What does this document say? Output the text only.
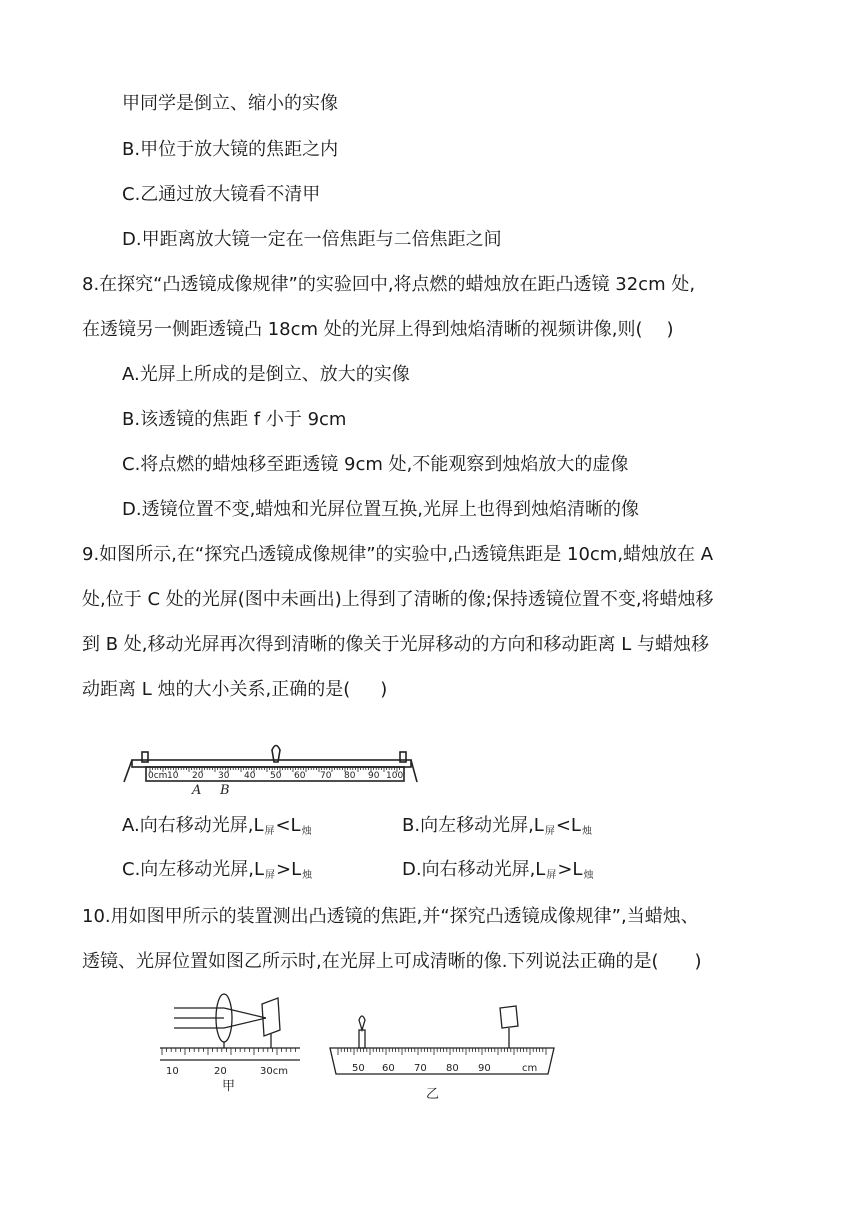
甲同学是倒立、缩小的实像
B.甲位于放大镜的焦距之内
C.乙通过放大镜看不清甲
D.甲距离放大镜一定在一倍焦距与二倍焦距之间
8.在探究“凸透镜成像规律”的实验回中,将点燃的蜡烛放在距凸透镜 32cm 处,
在透镜另一侧距透镜凸 18cm 处的光屏上得到烛焰清晰的视频讲像,则( )
A.光屏上所成的是倒立、放大的实像
B.该透镜的焦距 f 小于 9cm
C.将点燃的蜡烛移至距透镜 9cm 处,不能观察到烛焰放大的虚像
D.透镜位置不变,蜡烛和光屏位置互换,光屏上也得到烛焰清晰的像
9.如图所示,在“探究凸透镜成像规律”的实验中,凸透镜焦距是 10cm,蜡烛放在 A
处,位于 C 处的光屏(图中未画出)上得到了清晰的像;保持透镜位置不变,将蜡烛移
到 B 处,移动光屏再次得到清晰的像关于光屏移动的方向和移动距离 L 与蜡烛移
动距离 L 烛的大小关系,正确的是( )
0cm 10 20 30 40 50 60 70 80 90 100
A B
A.向右移动光屏$,L_屏<L_烛$	B.向左移动光屏$,L_屏<L_烛$
C.向左移动光屏$,L_屏>L_烛$	D.向右移动光屏$,L_屏>L_烛$
10.用如图甲所示的装置测出凸透镜的焦距,并“探究凸透镜成像规律”,当蜡烛、
透镜、光屏位置如图乙所示时,在光屏上可成清晰的像.下列说法正确的是( )
10	20	30cm
甲
50 60 70 80 90	cm
乙
